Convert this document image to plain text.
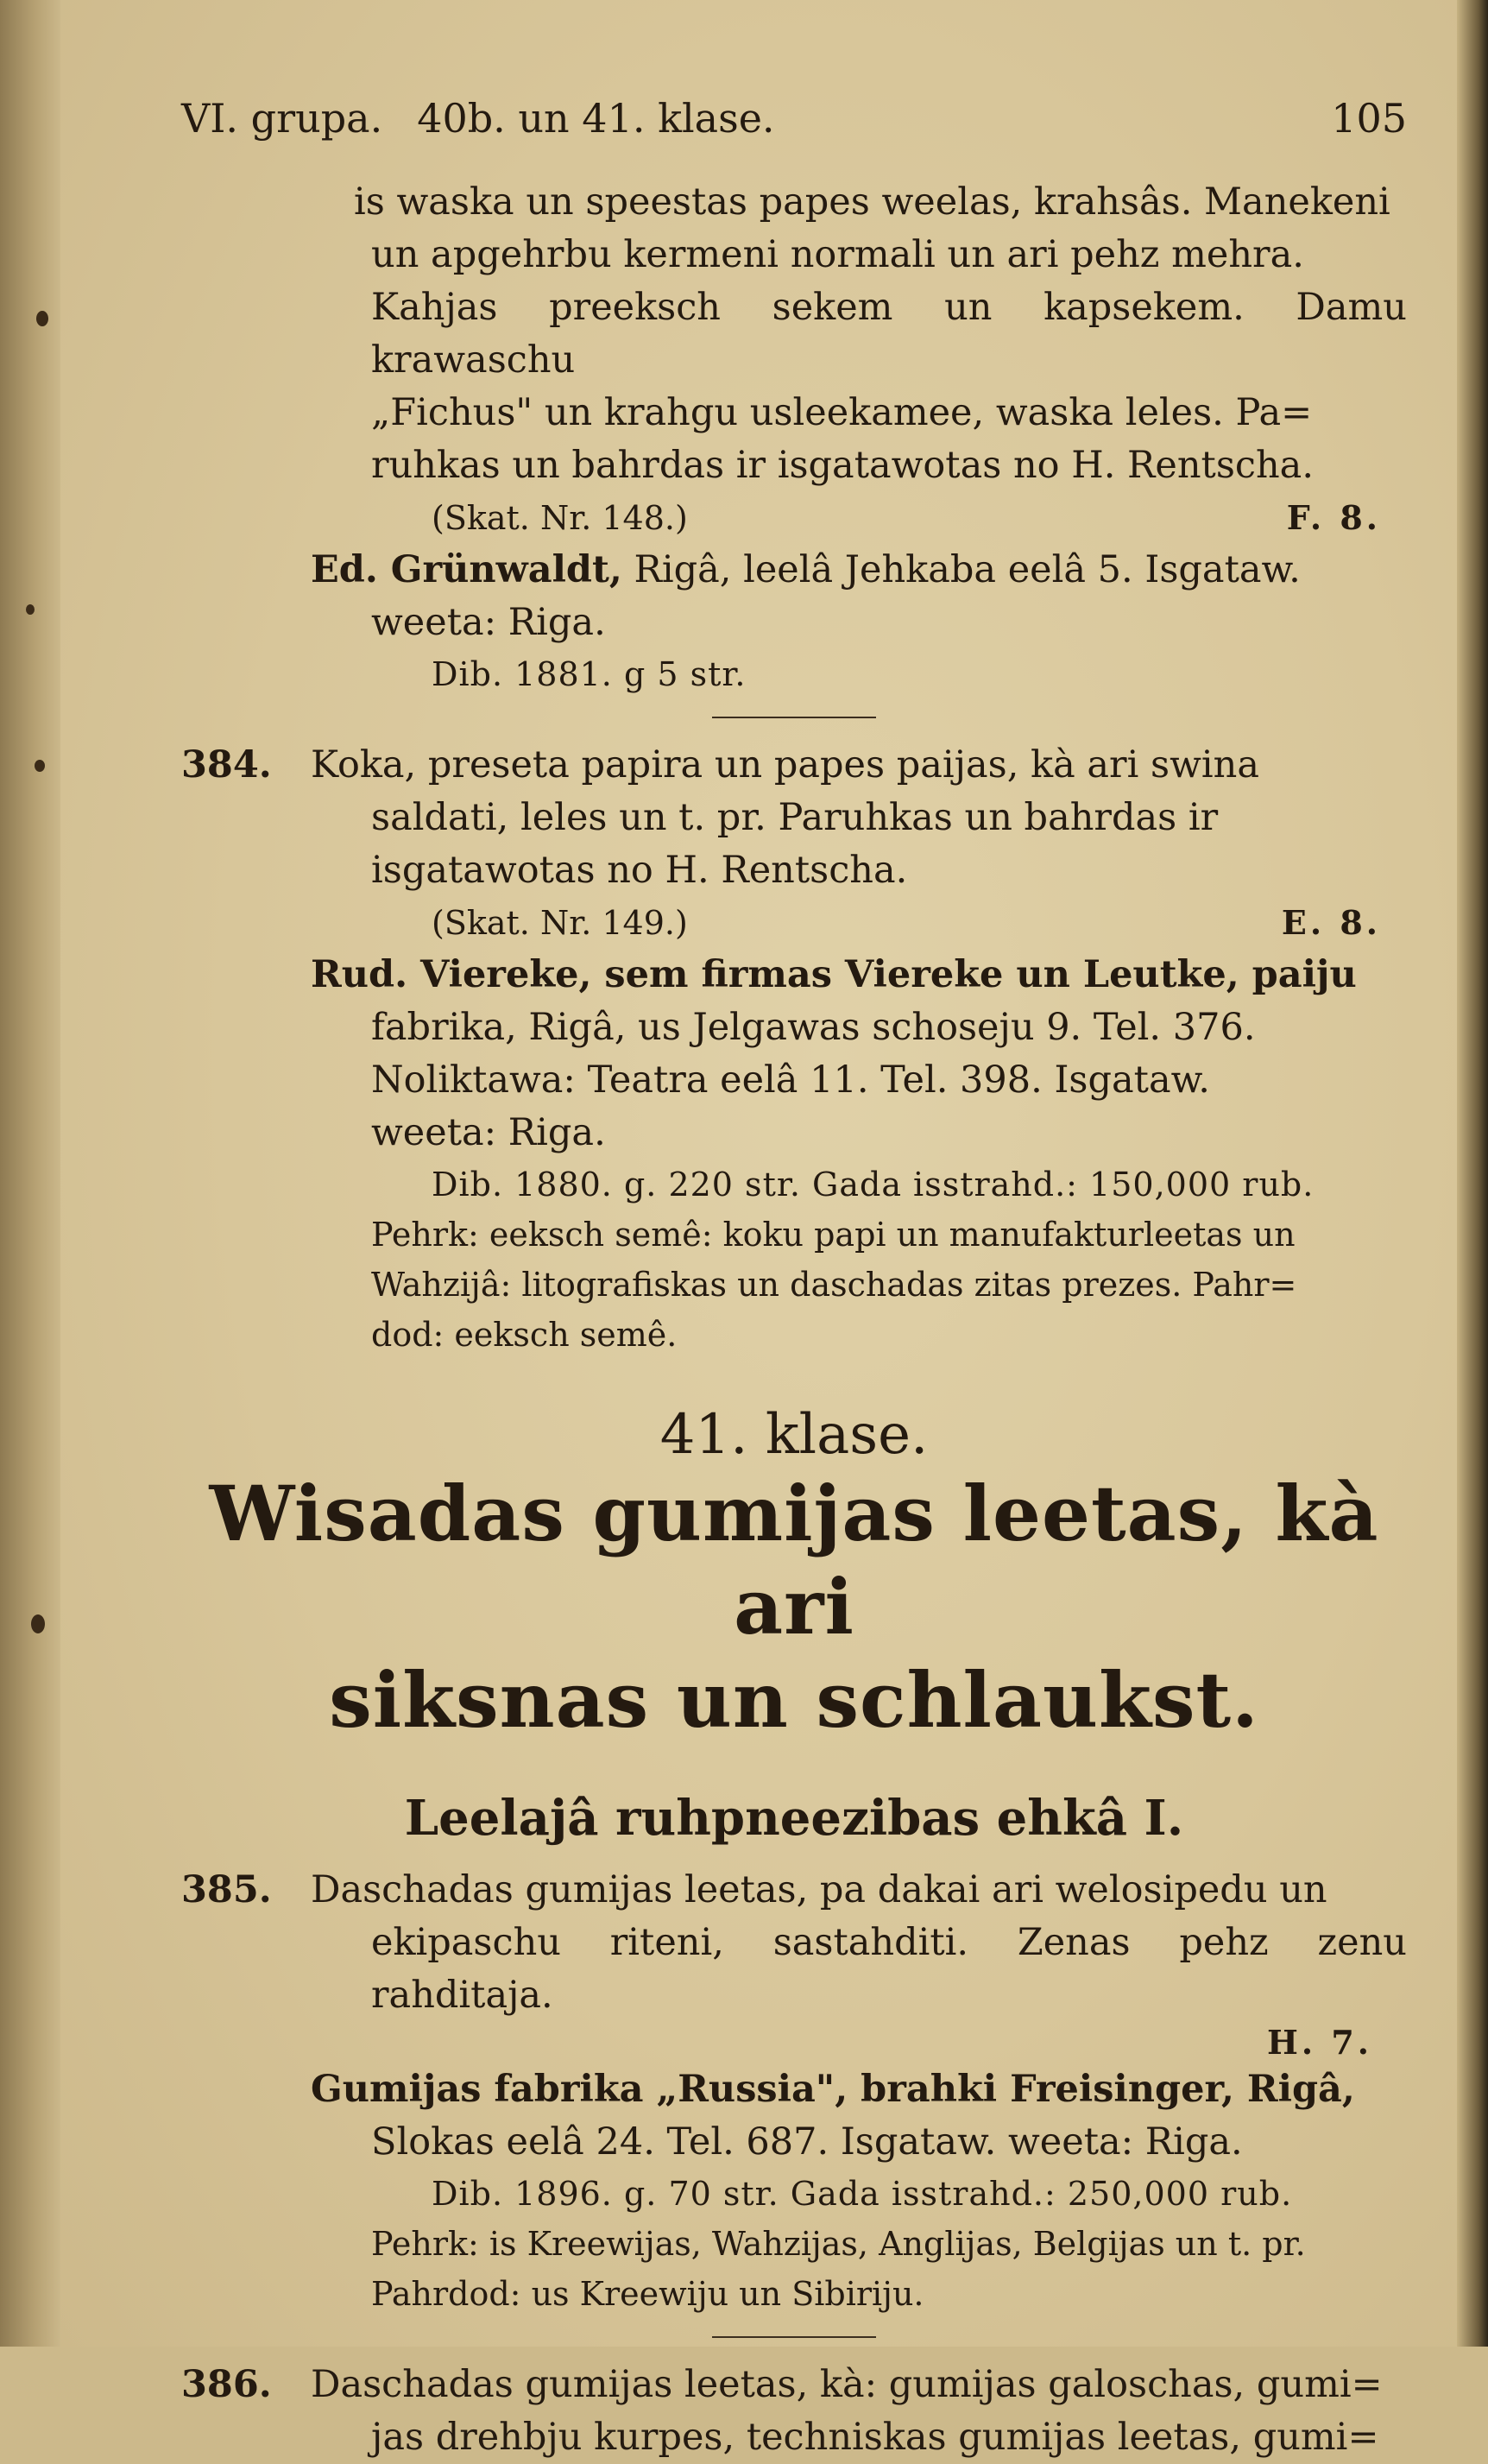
VI. grupa. 40b. un 41. klase.	105
is waska un speestas papes weelas, krahsâs. Manekeni
un apgehrbu kermeni normali un ari pehz mehra.
Kahjas preeksch sekem un kapsekem. Damu krawaschu
„Fichus" un krahgu usleekamee, waska leles. Pa=
ruhkas un bahrdas ir isgatawotas no H. Rentscha.
(Skat. Nr. 148.)	F. 8.
Ed. Grünwaldt, Rigâ, leelâ Jehkaba eelâ 5. Isgataw.
weeta: Riga.
Dib. 1881. g 5 str.
384.	Koka, preseta papira un papes paijas, kà ari swina
saldati, leles un t. pr. Paruhkas un bahrdas ir
isgatawotas no H. Rentscha.
(Skat. Nr. 149.)	E. 8.
Rud. Viereke, sem firmas Viereke un Leutke, paiju
fabrika, Rigâ, us Jelgawas schoseju 9. Tel. 376.
Noliktawa: Teatra eelâ 11. Tel. 398. Isgataw.
weeta: Riga.
Dib. 1880. g. 220 str. Gada isstrahd.: 150,000 rub.
Pehrk: eeksch semê: koku papi un manufakturleetas un
Wahzijâ: litografiskas un daschadas zitas prezes. Pahr=
dod: eeksch semê.
41. klase.
Wisadas gumijas leetas, kà ari
siksnas un schlaukst.
Leelajâ ruhpneezibas ehkâ I.
385.	Daschadas gumijas leetas, pa dakai ari welosipedu un
ekipaschu riteni, sastahditi. Zenas pehz zenu rahditaja.
H. 7.
Gumijas fabrika „Russia", brahki Freisinger, Rigâ,
Slokas eelâ 24. Tel. 687. Isgataw. weeta: Riga.
Dib. 1896. g. 70 str. Gada isstrahd.: 250,000 rub.
Pehrk: is Kreewijas, Wahzijas, Anglijas, Belgijas un t. pr.
Pahrdod: us Kreewiju un Sibiriju.
386.	Daschadas gumijas leetas, kà: gumijas galoschas, gumi=
jas drehbju kurpes, techniskas gumijas leetas, gumi=
